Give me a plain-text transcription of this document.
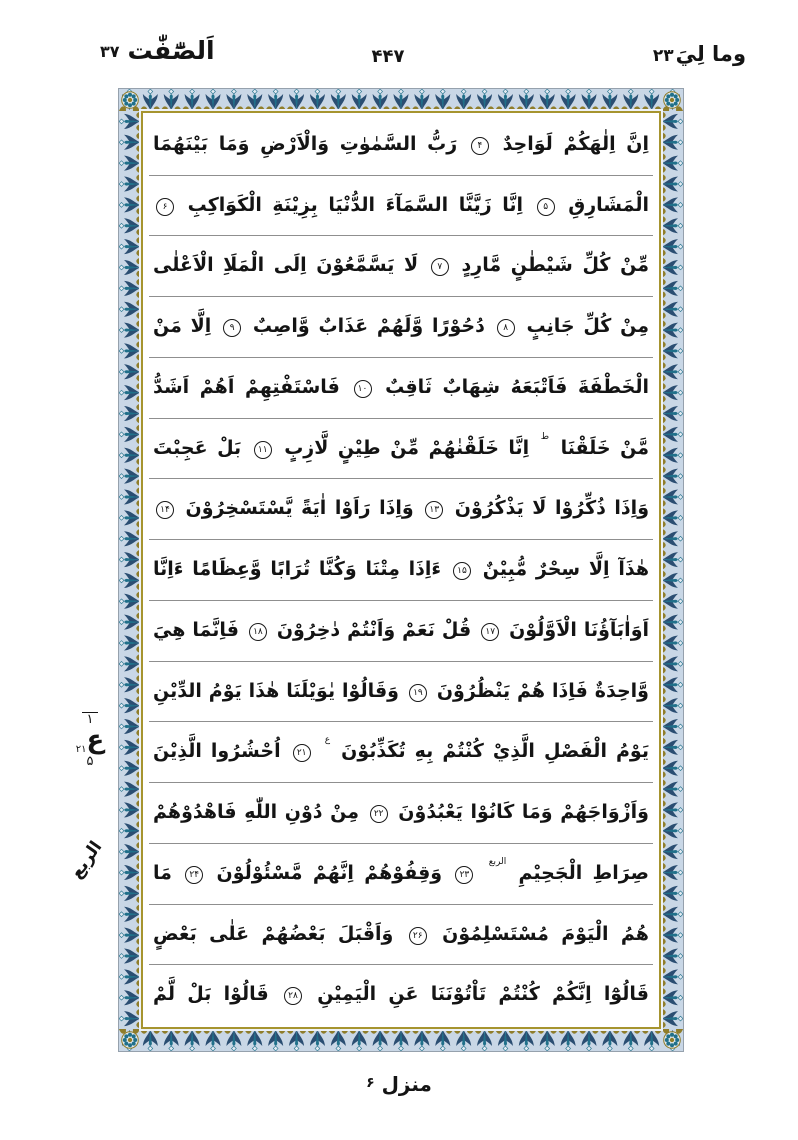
وما لِيَ۲۳
۴۴۷
اَلصّٰٓفّٰت۳۷
اِنَّ اِلٰهَكُمْ لَوَاحِدٌ ۴ رَبُّ السَّمٰوٰتِ وَالْاَرْضِ وَمَا بَيْنَهُمَا
الْمَشَارِقِ ۵ اِنَّا زَيَّنَّا السَّمَآءَ الدُّنْيَا بِزِيْنَةِ الْكَوَاكِبِ ۶
مِّنْ كُلِّ شَيْطٰنٍ مَّارِدٍ ۷ لَا يَسَّمَّعُوْنَ اِلَى الْمَلَاِ الْاَعْلٰى
مِنْ كُلِّ جَانِبٍ ۸ دُحُوْرًا وَّلَهُمْ عَذَابٌ وَّاصِبٌ ۹ اِلَّا مَنْ
الْخَطْفَةَ فَاَتْبَعَهُ شِهَابٌ ثَاقِبٌ ۱۰ فَاسْتَفْتِهِمْ اَهُمْ اَشَدُّ
مَّنْ خَلَقْنَا $^ط$ اِنَّا خَلَقْنٰهُمْ مِّنْ طِيْنٍ لَّازِبٍ ۱۱ بَلْ عَجِبْتَ
وَاِذَا ذُكِّرُوْا لَا يَذْكُرُوْنَ ۱۳ وَاِذَا رَاَوْا اٰيَةً يَّسْتَسْخِرُوْنَ ۱۴
هٰذَآ اِلَّا سِحْرٌ مُّبِيْنٌ ۱۵ ءَاِذَا مِتْنَا وَكُنَّا تُرَابًا وَّعِظَامًا ءَاِنَّا
اَوَاٰبَآؤُنَا الْاَوَّلُوْنَ ۱۷ قُلْ نَعَمْ وَاَنْتُمْ دٰخِرُوْنَ ۱۸ فَاِنَّمَا هِيَ
وَّاحِدَةٌ فَاِذَا هُمْ يَنْظُرُوْنَ ۱۹ وَقَالُوْا يٰوَيْلَنَا هٰذَا يَوْمُ الدِّيْنِ
يَوْمُ الْفَصْلِ الَّذِيْ كُنْتُمْ بِهِ تُكَذِّبُوْنَ $^ع$ ۲۱ اُحْشُرُوا الَّذِيْنَ
وَاَزْوَاجَهُمْ وَمَا كَانُوْا يَعْبُدُوْنَ ۲۲ مِنْ دُوْنِ اللّٰهِ فَاهْدُوْهُمْ
صِرَاطِ الْجَحِيْمِ $^{الربع}$ ۲۳ وَقِفُوْهُمْ اِنَّهُمْ مَّسْئُوْلُوْنَ ۲۴ مَا
هُمُ الْيَوْمَ مُسْتَسْلِمُوْنَ ۲۶ وَاَقْبَلَ بَعْضُهُمْ عَلٰى بَعْضٍ
قَالُوْٓا اِنَّكُمْ كُنْتُمْ تَاْتُوْنَنَا عَنِ الْيَمِيْنِ ۲۸ قَالُوْا بَلْ لَّمْ
۱
ع$_{۲۱}$
۵
الربع
منزل $^۶$
